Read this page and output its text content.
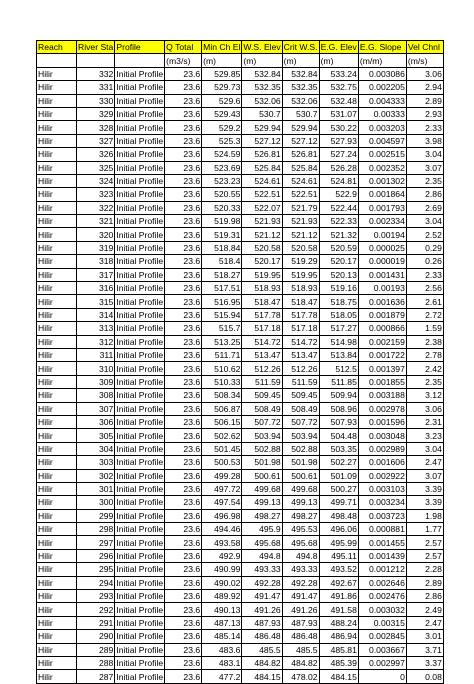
Reach	River Sta	Profile	Q Total	Min Ch El	W.S. Elev	Crit W.S.	E.G. Elev	E.G. Slope	Vel Chnl
			(m3/s)	(m)	(m)	(m)	(m)	(m/m)	(m/s)
Hilir	332	Initial Profile	23.6	529.85	532.84	532.84	533.24	0.003086	3.06
Hilir	331	Initial Profile	23.6	529.73	532.35	532.35	532.75	0.002205	2.94
Hilir	330	Initial Profile	23.6	529.6	532.06	532.06	532.48	0.004333	2.89
Hilir	329	Initial Profile	23.6	529.43	530.7	530.7	531.07	0.00333	2.93
Hilir	328	Initial Profile	23.6	529.2	529.94	529.94	530.22	0.003203	2.33
Hilir	327	Initial Profile	23.6	525.3	527.12	527.12	527.93	0.004597	3.98
Hilir	326	Initial Profile	23.6	524.59	526.81	526.81	527.24	0.002515	3.04
Hilir	325	Initial Profile	23.6	523.69	525.84	525.84	526.28	0.002352	3.07
Hilir	324	Initial Profile	23.6	523.23	524.61	524.61	524.81	0.001302	2.35
Hilir	323	Initial Profile	23.6	520.55	522.51	522.51	522.9	0.001864	2.86
Hilir	322	Initial Profile	23.6	520.33	522.07	521.79	522.44	0.001793	2.69
Hilir	321	Initial Profile	23.6	519.98	521.93	521.93	522.33	0.002334	3.04
Hilir	320	Initial Profile	23.6	519.31	521.12	521.12	521.32	0.00194	2.52
Hilir	319	Initial Profile	23.6	518.84	520.58	520.58	520.59	0.000025	0.29
Hilir	318	Initial Profile	23.6	518.4	520.17	519.29	520.17	0.000019	0.26
Hilir	317	Initial Profile	23.6	518.27	519.95	519.95	520.13	0.001431	2.33
Hilir	316	Initial Profile	23.6	517.51	518.93	518.93	519.16	0.00193	2.56
Hilir	315	Initial Profile	23.6	516.95	518.47	518.47	518.75	0.001636	2.61
Hilir	314	Initial Profile	23.6	515.94	517.78	517.78	518.05	0.001879	2.72
Hilir	313	Initial Profile	23.6	515.7	517.18	517.18	517.27	0.000866	1.59
Hilir	312	Initial Profile	23.6	513.25	514.72	514.72	514.98	0.002159	2.38
Hilir	311	Initial Profile	23.6	511.71	513.47	513.47	513.84	0.001722	2.78
Hilir	310	Initial Profile	23.6	510.62	512.26	512.26	512.5	0.001397	2.42
Hilir	309	Initial Profile	23.6	510.33	511.59	511.59	511.85	0.001855	2.35
Hilir	308	Initial Profile	23.6	508.34	509.45	509.45	509.94	0.003188	3.12
Hilir	307	Initial Profile	23.6	506.87	508.49	508.49	508.96	0.002978	3.06
Hilir	306	Initial Profile	23.6	506.15	507.72	507.72	507.93	0.001596	2.31
Hilir	305	Initial Profile	23.6	502.62	503.94	503.94	504.48	0.003048	3.23
Hilir	304	Initial Profile	23.6	501.45	502.88	502.88	503.35	0.002989	3.04
Hilir	303	Initial Profile	23.6	500.53	501.98	501.98	502.27	0.001606	2.47
Hilir	302	Initial Profile	23.6	499.28	500.61	500.61	501.09	0.002922	3.07
Hilir	301	Initial Profile	23.6	497.72	499.68	499.68	500.27	0.003103	3.39
Hilir	300	Initial Profile	23.6	497.54	499.13	499.13	499.71	0.003234	3.39
Hilir	299	Initial Profile	23.6	496.98	498.27	498.27	498.48	0.003723	1.98
Hilir	298	Initial Profile	23.6	494.46	495.9	495.53	496.06	0.000881	1.77
Hilir	297	Initial Profile	23.6	493.58	495.68	495.68	495.99	0.001455	2.57
Hilir	296	Initial Profile	23.6	492.9	494.8	494.8	495.11	0.001439	2.57
Hilir	295	Initial Profile	23.6	490.99	493.33	493.33	493.52	0.001212	2.28
Hilir	294	Initial Profile	23.6	490.02	492.28	492.28	492.67	0.002646	2.89
Hilir	293	Initial Profile	23.6	489.92	491.47	491.47	491.86	0.002476	2.86
Hilir	292	Initial Profile	23.6	490.13	491.26	491.26	491.58	0.003032	2.49
Hilir	291	Initial Profile	23.6	487.13	487.93	487.93	488.24	0.00315	2.47
Hilir	290	Initial Profile	23.6	485.14	486.48	486.48	486.94	0.002845	3.01
Hilir	289	Initial Profile	23.6	483.6	485.5	485.5	485.81	0.003667	3.71
Hilir	288	Initial Profile	23.6	483.1	484.82	484.82	485.39	0.002997	3.37
Hilir	287	Initial Profile	23.6	477.2	484.15	478.02	484.15	0	0.08
